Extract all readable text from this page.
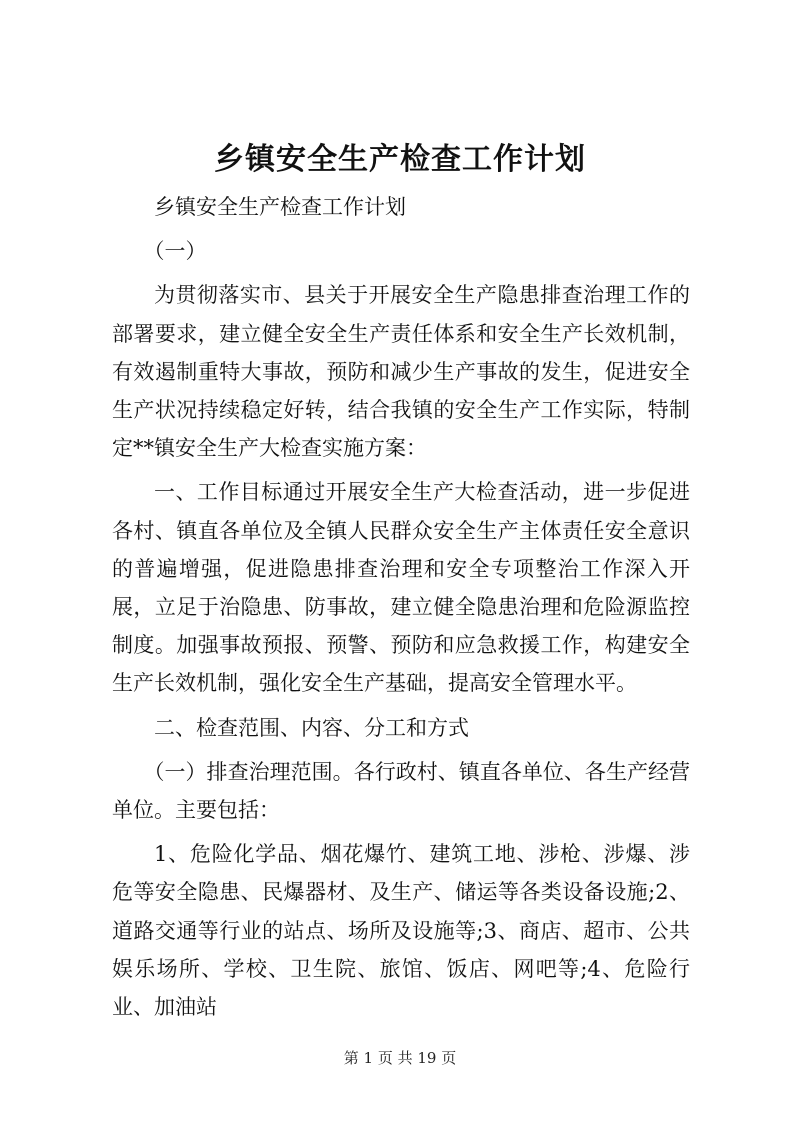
乡镇安全生产检查工作计划

乡镇安全生产检查工作计划

（一）

为贯彻落实市、县关于开展安全生产隐患排查治理工作的部署要求，建立健全安全生产责任体系和安全生产长效机制，有效遏制重特大事故，预防和减少生产事故的发生，促进安全生产状况持续稳定好转，结合我镇的安全生产工作实际，特制定**镇安全生产大检查实施方案：

一、工作目标通过开展安全生产大检查活动，进一步促进各村、镇直各单位及全镇人民群众安全生产主体责任安全意识的普遍增强，促进隐患排查治理和安全专项整治工作深入开展，立足于治隐患、防事故，建立健全隐患治理和危险源监控制度。加强事故预报、预警、预防和应急救援工作，构建安全生产长效机制，强化安全生产基础，提高安全管理水平。

二、检查范围、内容、分工和方式

（一）排查治理范围。各行政村、镇直各单位、各生产经营单位。主要包括：

1、危险化学品、烟花爆竹、建筑工地、涉枪、涉爆、涉危等安全隐患、民爆器材、及生产、储运等各类设备设施;2、道路交通等行业的站点、场所及设施等;3、商店、超市、公共娱乐场所、学校、卫生院、旅馆、饭店、网吧等;4、危险行业、加油站

第 1 页 共 19 页
